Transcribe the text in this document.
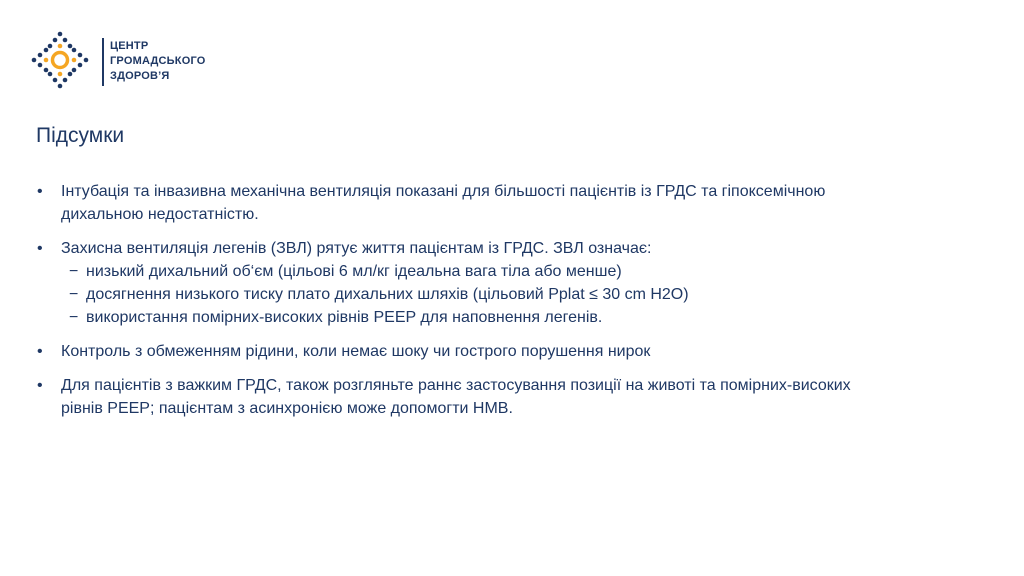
ЦЕНТР
ГРОМАДСЬКОГО
ЗДОРОВ’Я
Підсумки
• Інтубація та інвазивна механічна вентиляція показані для більшості пацієнтів із ГРДС та гіпоксемічною дихальною недостатністю.
• Захисна вентиляція легенів (ЗВЛ) рятує життя пацієнтам із ГРДС. ЗВЛ означає:
− низький дихальний об‘єм (цільові 6 мл/кг ідеальна вага тіла або менше)
− досягнення низького тиску плато дихальних шляхів (цільовий Pplat ≤ 30 cm H2O)
− використання помірних-високих рівнів PEEP для наповнення легенів.
• Контроль з обмеженням рідини, коли немає шоку чи гострого порушення нирок
• Для пацієнтів з важким ГРДС, також розгляньте раннє застосування позиції на животі та помірних-високих рівнів PEEP; пацієнтам з асинхронією може допомогти НМВ.
